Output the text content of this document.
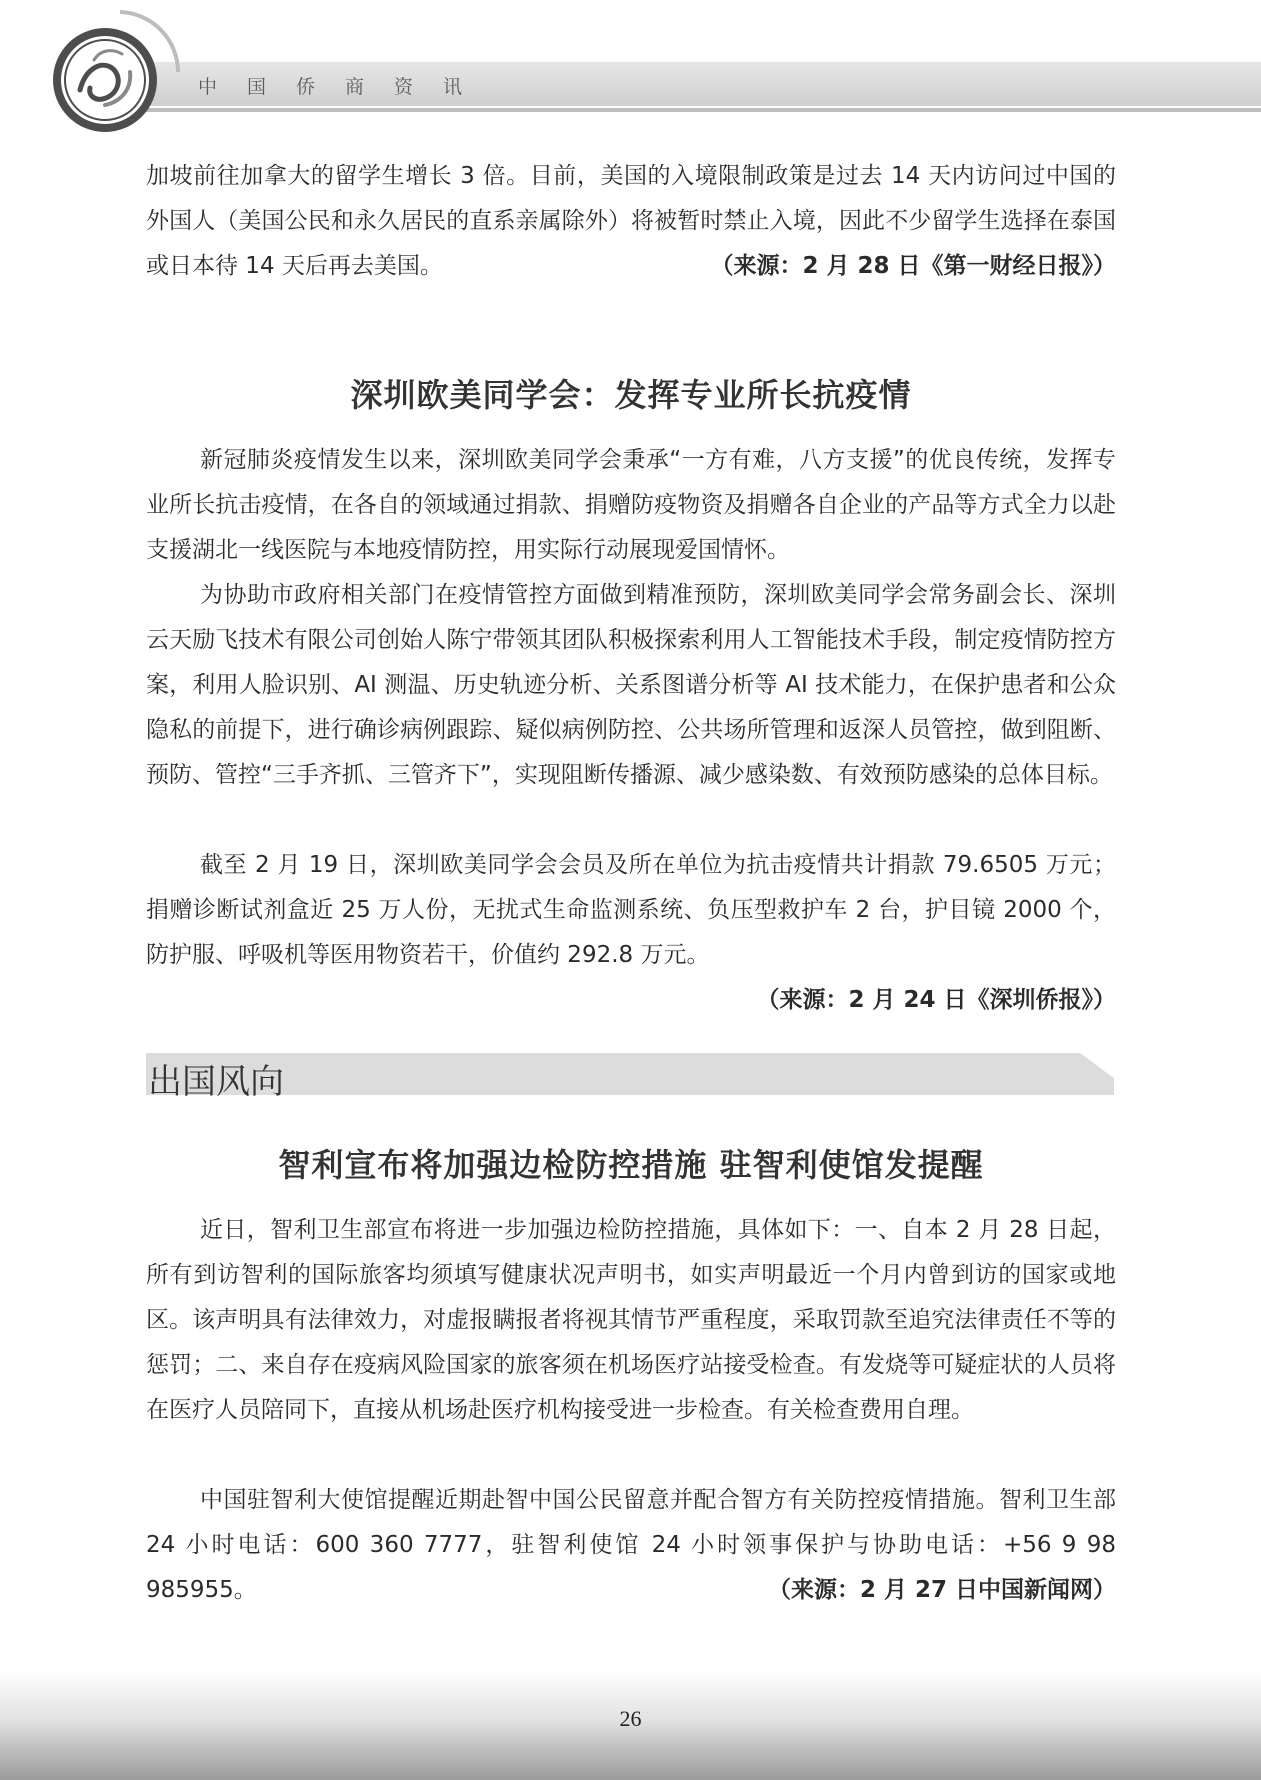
中国侨商资讯
加坡前往加拿大的留学生增长 3 倍。目前，美国的入境限制政策是过去 14 天内访问过中国的外国人（美国公民和永久居民的直系亲属除外）将被暂时禁止入境，因此不少留学生选择在泰国或日本待 14 天后再去美国。	（来源：2 月 28 日《第一财经日报》）
深圳欧美同学会：发挥专业所长抗疫情
新冠肺炎疫情发生以来，深圳欧美同学会秉承“一方有难，八方支援”的优良传统，发挥专业所长抗击疫情，在各自的领域通过捐款、捐赠防疫物资及捐赠各自企业的产品等方式全力以赴支援湖北一线医院与本地疫情防控，用实际行动展现爱国情怀。
为协助市政府相关部门在疫情管控方面做到精准预防，深圳欧美同学会常务副会长、深圳云天励飞技术有限公司创始人陈宁带领其团队积极探索利用人工智能技术手段，制定疫情防控方案，利用人脸识别、AI 测温、历史轨迹分析、关系图谱分析等 AI 技术能力，在保护患者和公众隐私的前提下，进行确诊病例跟踪、疑似病例防控、公共场所管理和返深人员管控，做到阻断、预防、管控“三手齐抓、三管齐下”，实现阻断传播源、减少感染数、有效预防感染的总体目标。
截至 2 月 19 日，深圳欧美同学会会员及所在单位为抗击疫情共计捐款 79.6505 万元；捐赠诊断试剂盒近 25 万人份，无扰式生命监测系统、负压型救护车 2 台，护目镜 2000 个，防护服、呼吸机等医用物资若干，价值约 292.8 万元。
（来源：2 月 24 日《深圳侨报》）
出国风向
智利宣布将加强边检防控措施 驻智利使馆发提醒
近日，智利卫生部宣布将进一步加强边检防控措施，具体如下：一、自本 2 月 28 日起，所有到访智利的国际旅客均须填写健康状况声明书，如实声明最近一个月内曾到访的国家或地区。该声明具有法律效力，对虚报瞒报者将视其情节严重程度，采取罚款至追究法律责任不等的惩罚；二、来自存在疫病风险国家的旅客须在机场医疗站接受检查。有发烧等可疑症状的人员将在医疗人员陪同下，直接从机场赴医疗机构接受进一步检查。有关检查费用自理。
中国驻智利大使馆提醒近期赴智中国公民留意并配合智方有关防控疫情措施。智利卫生部 24 小时电话：600 360 7777，驻智利使馆 24 小时领事保护与协助电话：+56 9 98 985955。	（来源：2 月 27 日中国新闻网）
26
